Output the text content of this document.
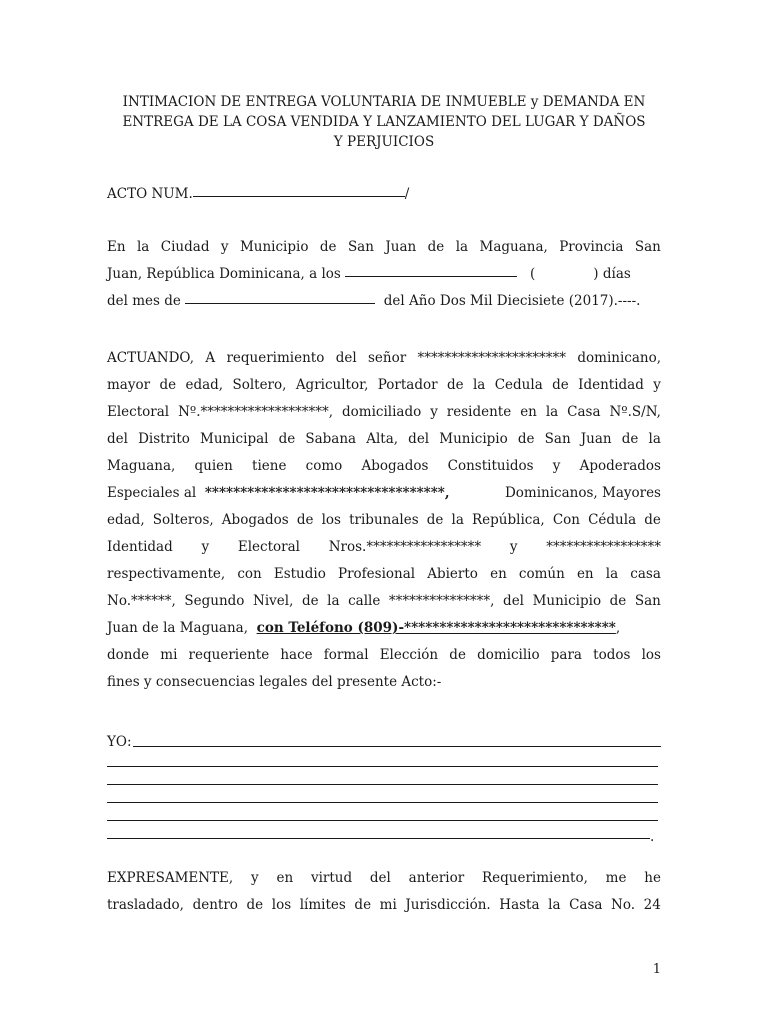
INTIMACION DE ENTREGA VOLUNTARIA DE INMUEBLE y DEMANDA EN
ENTREGA DE LA COSA VENDIDA Y LANZAMIENTO DEL LUGAR Y DAÑOS
Y PERJUICIOS
ACTO NUM.	/
En la Ciudad y Municipio de San Juan de la Maguana, Provincia San
Juan, República Dominicana, a los

	(	) días
del mes de

	del Año Dos Mil Diecisiete (2017).----.
ACTUANDO, A requerimiento del señor ********************** dominicano,
mayor de edad, Soltero, Agricultor, Portador de la Cedula de Identidad y
Electoral Nº.*******************, domiciliado y residente en la Casa Nº.S/N,
del Distrito Municipal de Sabana Alta, del Municipio de San Juan de la
Maguana, quien tiene como Abogados Constituidos y Apoderados
Especiales al
**********************************,
	Dominicanos, Mayores
edad, Solteros, Abogados de los tribunales de la República, Con Cédula de
Identidad y Electoral Nros.***************** y *****************
respectivamente, con Estudio Profesional Abierto en común en la casa
No.******, Segundo Nivel, de la calle ***************, del Municipio de San
Juan de la Maguana,
con Teléfono (809)-****************************** ,
donde mi requeriente hace formal Elección de domicilio para todos los
fines y consecuencias legales del presente Acto:-
YO:
.
EXPRESAMENTE, y en virtud del anterior Requerimiento, me he
trasladado, dentro de los límites de mi Jurisdicción. Hasta la Casa No. 24
1
